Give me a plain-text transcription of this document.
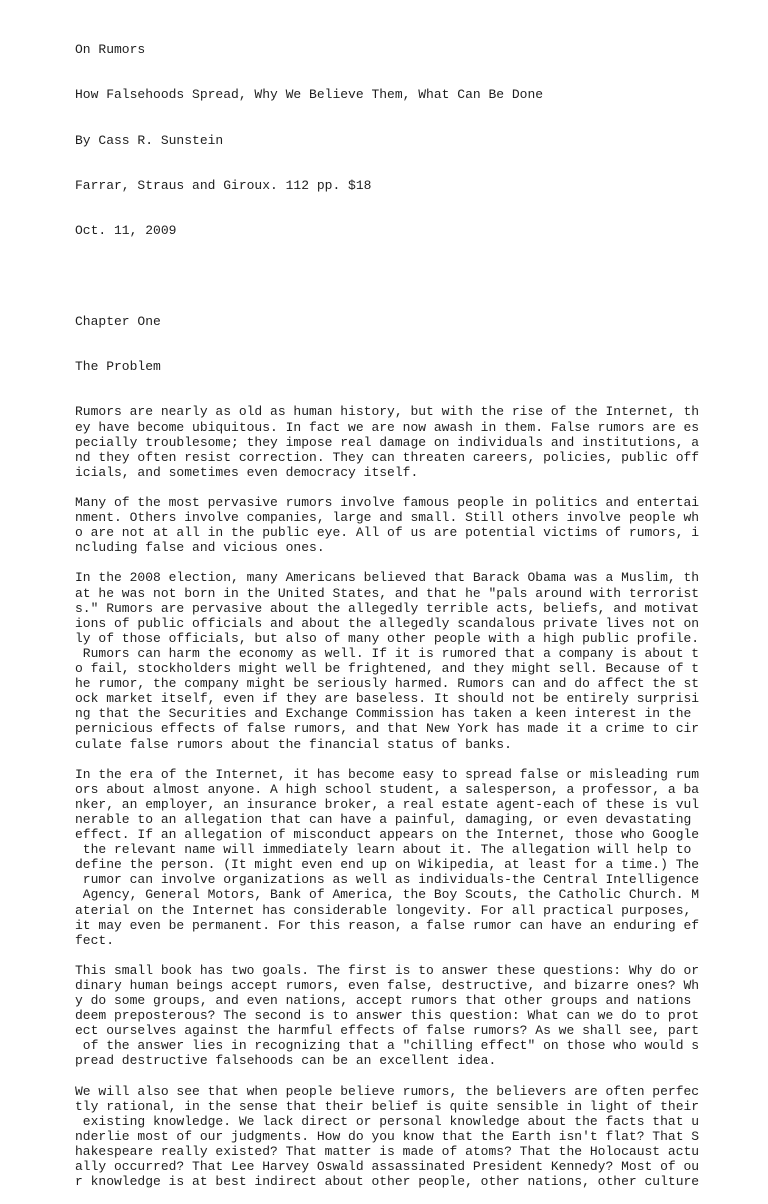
On Rumors

How Falsehoods Spread, Why We Believe Them, What Can Be Done

By Cass R. Sunstein

Farrar, Straus and Giroux. 112 pp. $18

Oct. 11, 2009

Chapter One

The Problem

Rumors are nearly as old as human history, but with the rise of the Internet, th
ey have become ubiquitous. In fact we are now awash in them. False rumors are es
pecially troublesome; they impose real damage on individuals and institutions, a
nd they often resist correction. They can threaten careers, policies, public off
icials, and sometimes even democracy itself.
Many of the most pervasive rumors involve famous people in politics and entertai
nment. Others involve companies, large and small. Still others involve people wh
o are not at all in the public eye. All of us are potential victims of rumors, i
ncluding false and vicious ones.
In the 2008 election, many Americans believed that Barack Obama was a Muslim, th
at he was not born in the United States, and that he "pals around with terrorist
s." Rumors are pervasive about the allegedly terrible acts, beliefs, and motivat
ions of public officials and about the allegedly scandalous private lives not on
ly of those officials, but also of many other people with a high public profile.
Rumors can harm the economy as well. If it is rumored that a company is about t
o fail, stockholders might well be frightened, and they might sell. Because of t
he rumor, the company might be seriously harmed. Rumors can and do affect the st
ock market itself, even if they are baseless. It should not be entirely surprisi
ng that the Securities and Exchange Commission has taken a keen interest in the
pernicious effects of false rumors, and that New York has made it a crime to cir
culate false rumors about the financial status of banks.
In the era of the Internet, it has become easy to spread false or misleading rum
ors about almost anyone. A high school student, a salesperson, a professor, a ba
nker, an employer, an insurance broker, a real estate agent-each of these is vul
nerable to an allegation that can have a painful, damaging, or even devastating
effect. If an allegation of misconduct appears on the Internet, those who Google
the relevant name will immediately learn about it. The allegation will help to
define the person. (It might even end up on Wikipedia, at least for a time.) The
rumor can involve organizations as well as individuals-the Central Intelligence
Agency, General Motors, Bank of America, the Boy Scouts, the Catholic Church. M
aterial on the Internet has considerable longevity. For all practical purposes,
it may even be permanent. For this reason, a false rumor can have an enduring ef
fect.
This small book has two goals. The first is to answer these questions: Why do or
dinary human beings accept rumors, even false, destructive, and bizarre ones? Wh
y do some groups, and even nations, accept rumors that other groups and nations
deem preposterous? The second is to answer this question: What can we do to prot
ect ourselves against the harmful effects of false rumors? As we shall see, part
of the answer lies in recognizing that a "chilling effect" on those who would s
pread destructive falsehoods can be an excellent idea.
We will also see that when people believe rumors, the believers are often perfec
tly rational, in the sense that their belief is quite sensible in light of their
existing knowledge. We lack direct or personal knowledge about the facts that u
nderlie most of our judgments. How do you know that the Earth isn't flat? That S
hakespeare really existed? That matter is made of atoms? That the Holocaust actu
ally occurred? That Lee Harvey Oswald assassinated President Kennedy? Most of ou
r knowledge is at best indirect about other people, other nations, other culture
